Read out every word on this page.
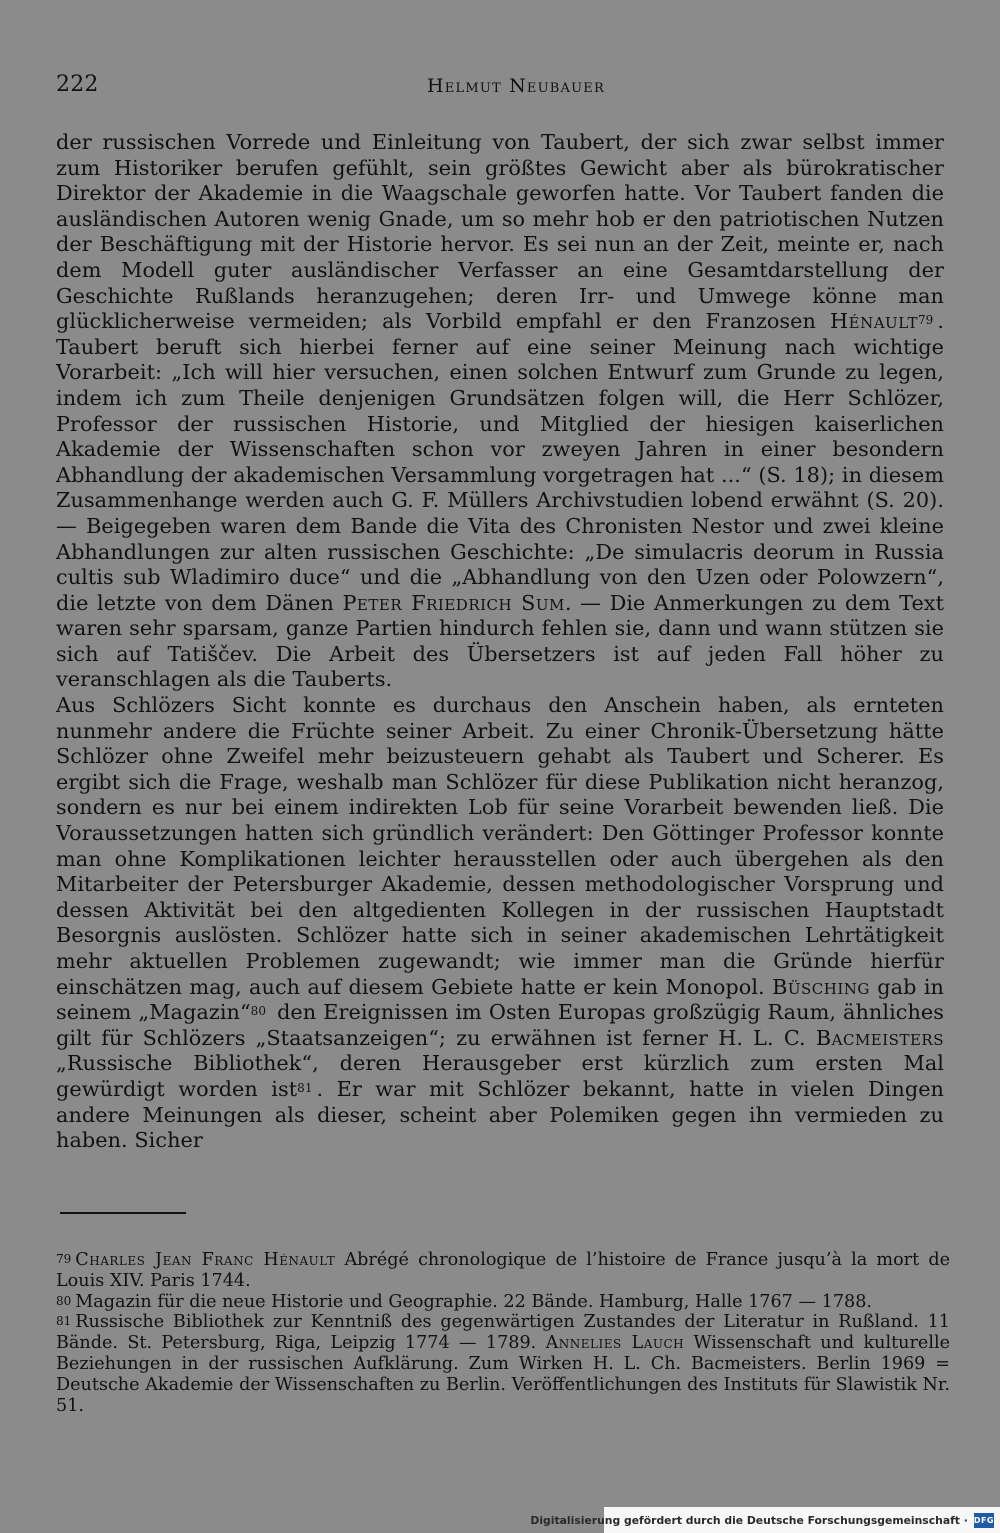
222	Helmut Neubauer

der russischen Vorrede und Einleitung von Taubert, der sich zwar selbst immer zum Historiker berufen gefühlt, sein größtes Gewicht aber als bürokratischer Direktor der Akademie in die Waagschale geworfen hatte. Vor Taubert fanden die ausländischen Autoren wenig Gnade, um so mehr hob er den patriotischen Nutzen der Beschäftigung mit der Historie hervor. Es sei nun an der Zeit, meinte er, nach dem Modell guter ausländischer Verfasser an eine Gesamtdarstellung der Geschichte Rußlands heranzugehen; deren Irr- und Umwege könne man glücklicherweise vermeiden; als Vorbild empfahl er den Franzosen Hénault$^{79}$ . Taubert beruft sich hierbei ferner auf eine seiner Meinung nach wichtige Vorarbeit: „Ich will hier versuchen, einen solchen Entwurf zum Grunde zu legen, indem ich zum Theile denjenigen Grundsätzen folgen will, die Herr Schlözer, Professor der russischen Historie, und Mitglied der hiesigen kaiserlichen Akademie der Wissenschaften schon vor zweyen Jahren in einer besondern Abhandlung der akademischen Versammlung vorgetragen hat ...“ (S. 18); in diesem Zusammenhange werden auch G. F. Müllers Archivstudien lobend erwähnt (S. 20). — Beigegeben waren dem Bande die Vita des Chronisten Nestor und zwei kleine Abhandlungen zur alten russischen Geschichte: „De simulacris deorum in Russia cultis sub Wladimiro duce“ und die „Abhandlung von den Uzen oder Polowzern“, die letzte von dem Dänen Peter Friedrich Sum. — Die Anmerkungen zu dem Text waren sehr sparsam, ganze Partien hindurch fehlen sie, dann und wann stützen sie sich auf Tatiščev. Die Arbeit des Übersetzers ist auf jeden Fall höher zu veranschlagen als die Tauberts.

Aus Schlözers Sicht konnte es durchaus den Anschein haben, als ernteten nunmehr andere die Früchte seiner Arbeit. Zu einer Chronik-Übersetzung hätte Schlözer ohne Zweifel mehr beizusteuern gehabt als Taubert und Scherer. Es ergibt sich die Frage, weshalb man Schlözer für diese Publikation nicht heranzog, sondern es nur bei einem indirekten Lob für seine Vorarbeit bewenden ließ. Die Voraussetzungen hatten sich gründlich verändert: Den Göttinger Professor konnte man ohne Komplikationen leichter herausstellen oder auch übergehen als den Mitarbeiter der Petersburger Akademie, dessen methodologischer Vorsprung und dessen Aktivität bei den altgedienten Kollegen in der russischen Hauptstadt Besorgnis auslösten. Schlözer hatte sich in seiner akademischen Lehrtätigkeit mehr aktuellen Problemen zugewandt; wie immer man die Gründe hierfür einschätzen mag, auch auf diesem Gebiete hatte er kein Monopol. Büsching gab in seinem „Magazin“$^{80}$ den Ereignissen im Osten Europas großzügig Raum, ähnliches gilt für Schlözers „Staatsanzeigen“; zu erwähnen ist ferner H. L. C. Bacmeisters „Russische Bibliothek“, deren Herausgeber erst kürzlich zum ersten Mal gewürdigt worden ist$^{81}$ . Er war mit Schlözer bekannt, hatte in vielen Dingen andere Meinungen als dieser, scheint aber Polemiken gegen ihn vermieden zu haben. Sicher

$^{79}$ Charles Jean Franc Hénault Abrégé chronologique de l’histoire de France jusqu’à la mort de Louis XIV. Paris 1744.

$^{80}$ Magazin für die neue Historie und Geographie. 22 Bände. Hamburg, Halle 1767 — 1788.

$^{81}$ Russische Bibliothek zur Kenntniß des gegenwärtigen Zustandes der Literatur in Rußland. 11 Bände. St. Petersburg, Riga, Leipzig 1774 — 1789. Annelies Lauch Wissenschaft und kulturelle Beziehungen in der russischen Aufklärung. Zum Wirken H. L. Ch. Bacmeisters. Berlin 1969 = Deutsche Akademie der Wissenschaften zu Berlin. Veröffentlichungen des Instituts für Slawistik Nr. 51.

Digitalisierung gefördert durch die Deutsche Forschungsgemeinschaft · DFG
